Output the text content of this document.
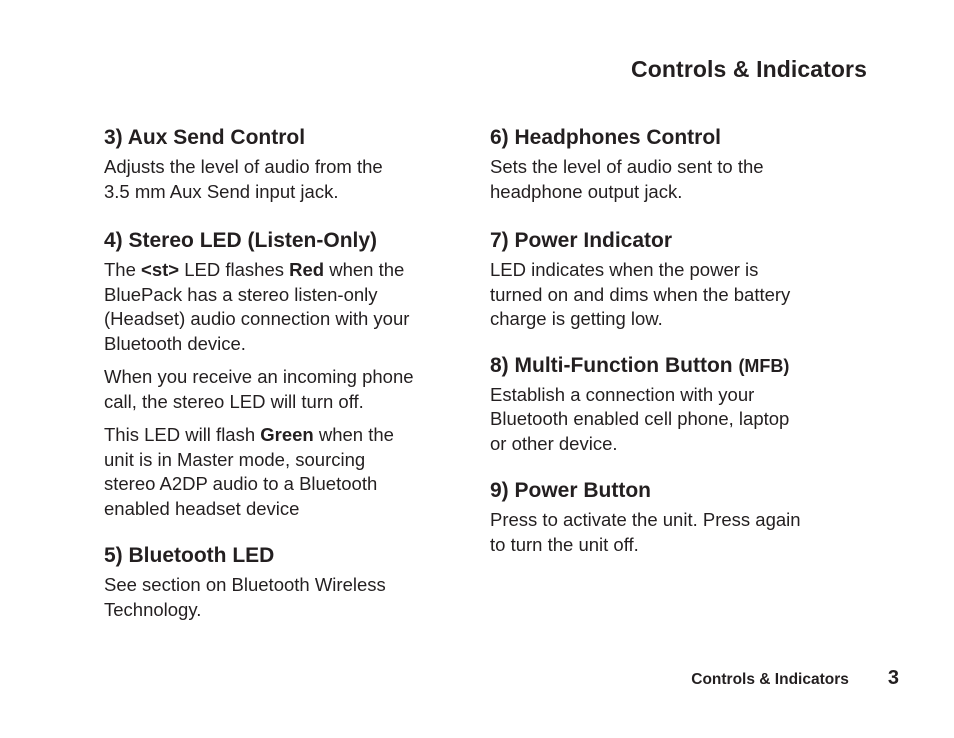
Controls & Indicators
3) Aux Send Control

Adjusts the level of audio from the
3.5 mm Aux Send input jack.

4) Stereo LED (Listen-Only)

The <st> LED flashes Red when the
BluePack has a stereo listen-only
(Headset) audio connection with your
Bluetooth device.

When you receive an incoming phone
call, the stereo LED will turn off.

This LED will flash Green when the
unit is in Master mode, sourcing
stereo A2DP audio to a Bluetooth
enabled headset device

5) Bluetooth LED

See section on Bluetooth Wireless
Technology.

6) Headphones Control

Sets the level of audio sent to the
headphone output jack.

7) Power Indicator

LED indicates when the power is
turned on and dims when the battery
charge is getting low.

8) Multi-Function Button (MFB)

Establish a connection with your
Bluetooth enabled cell phone, laptop
or other device.

9) Power Button

Press to activate the unit. Press again
to turn the unit off.

Controls & Indicators 3
